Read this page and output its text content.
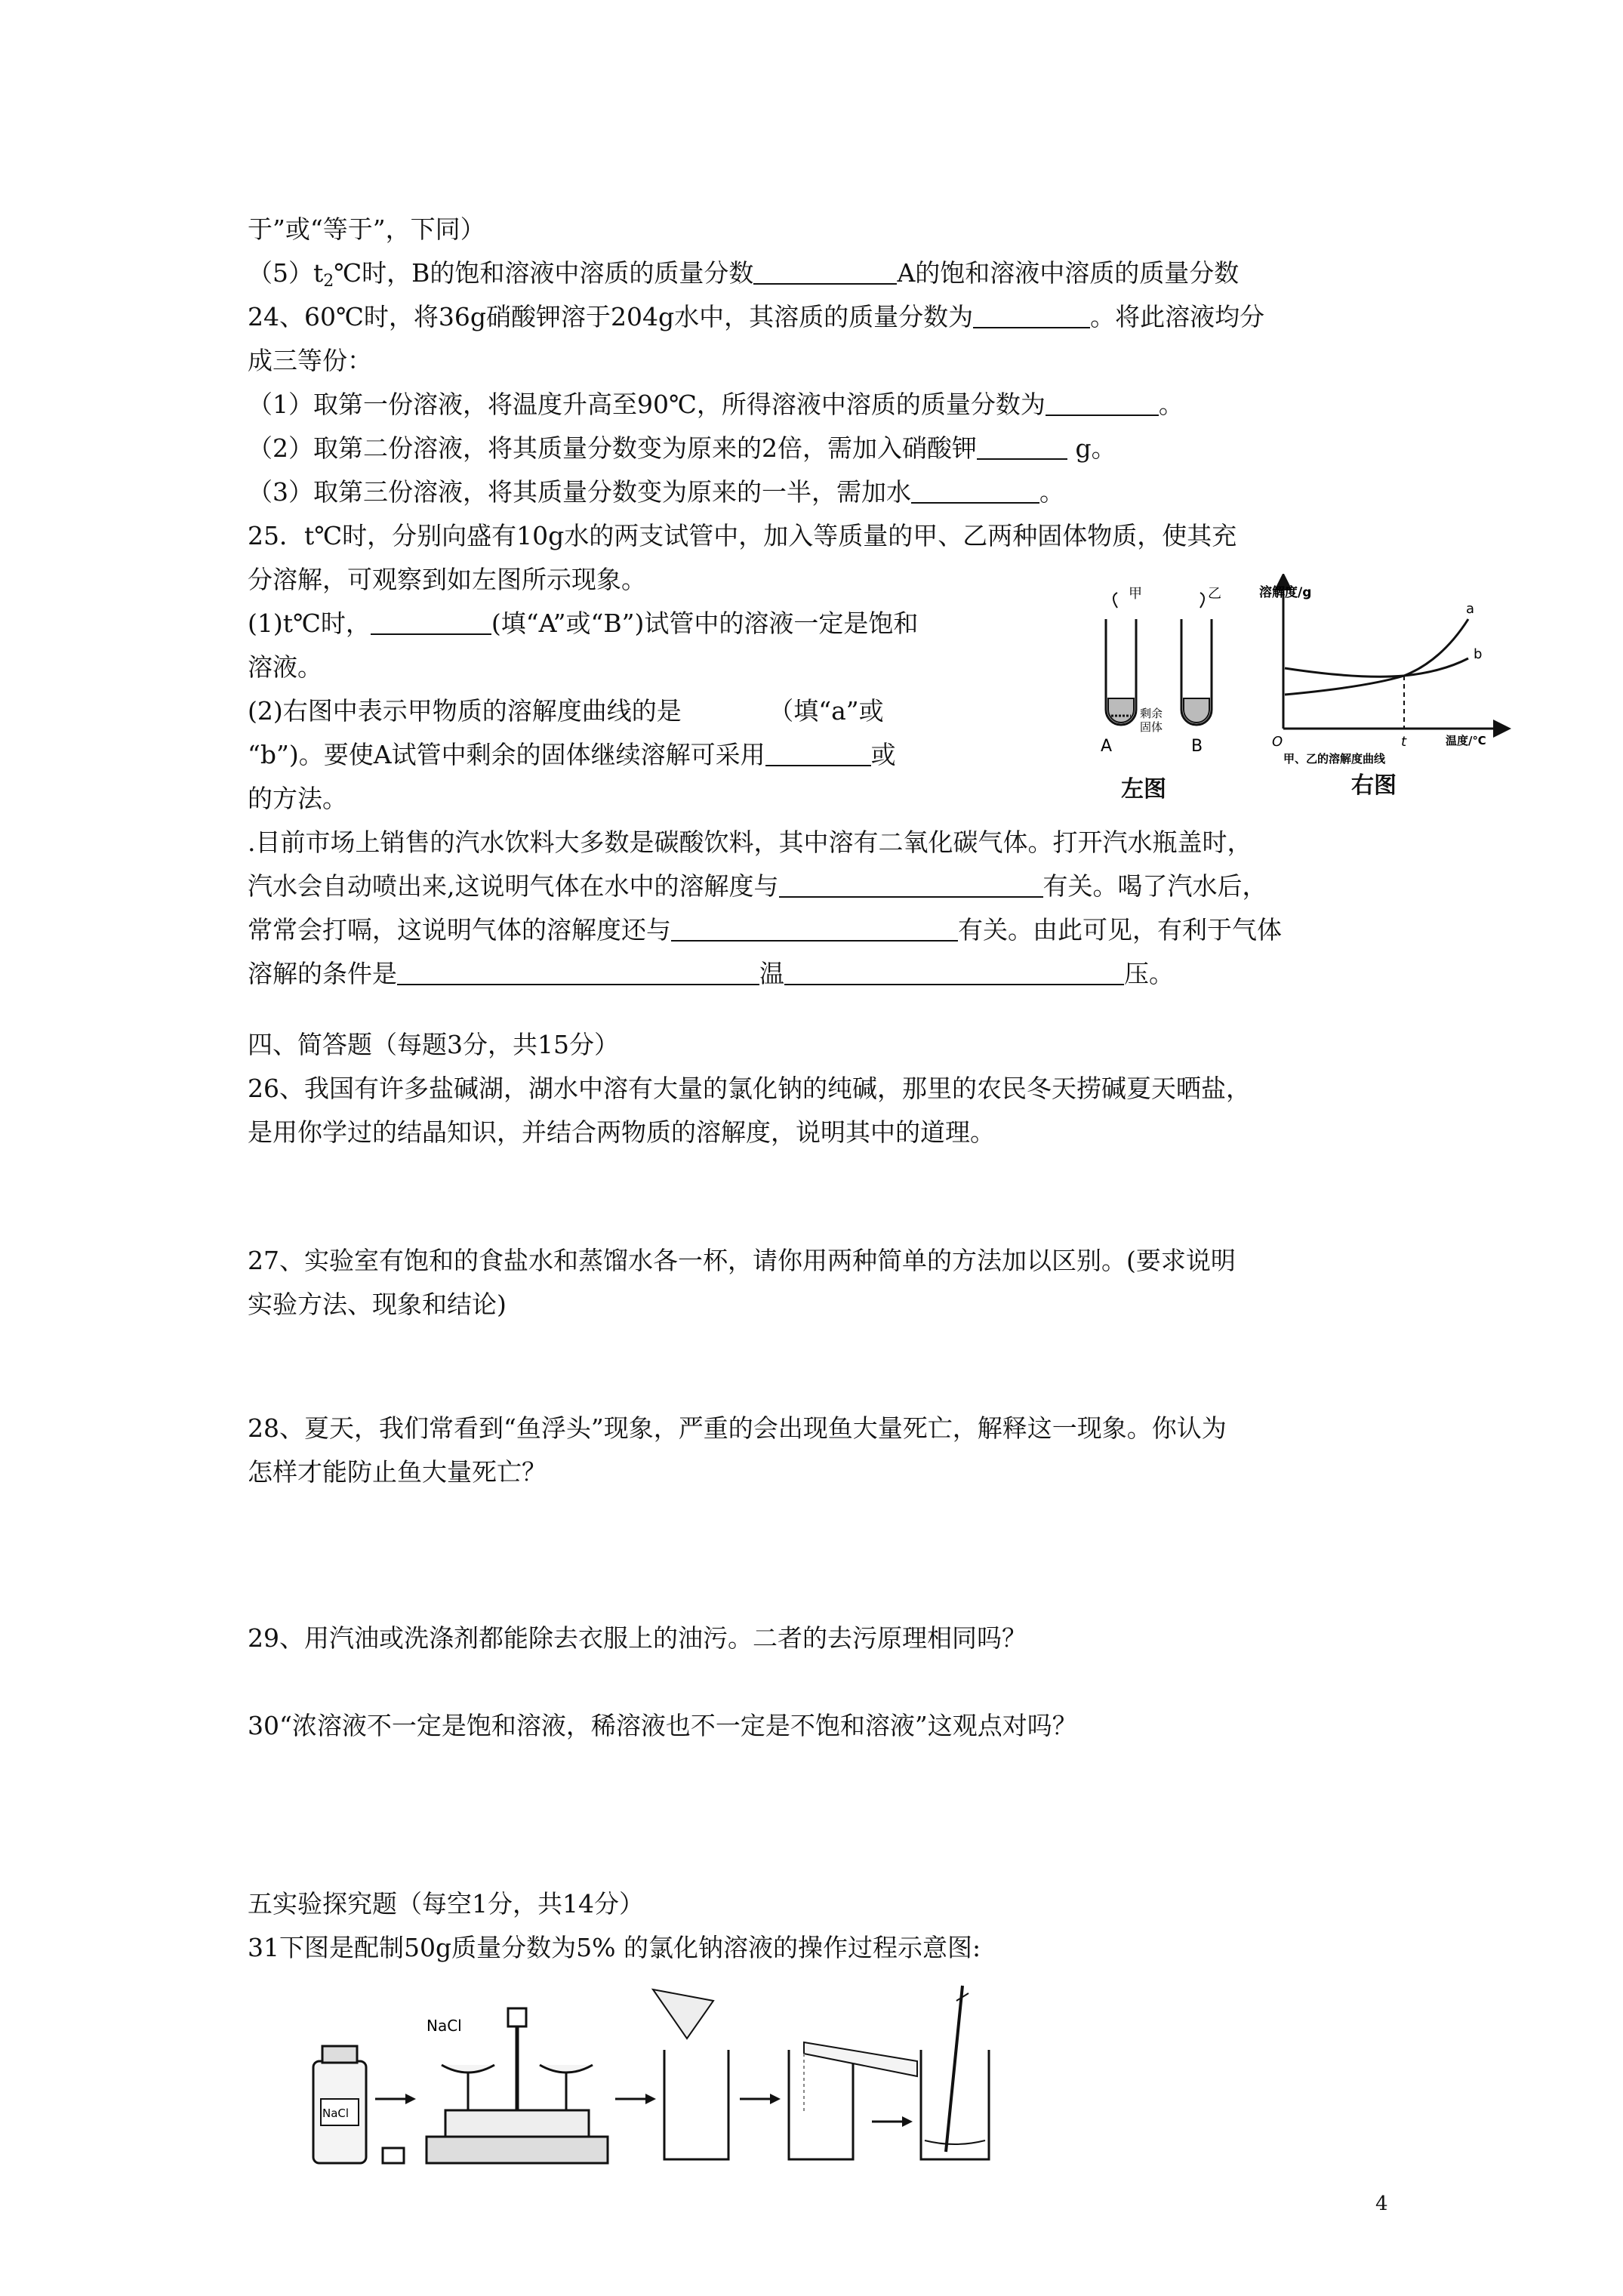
于”或“等于”，下同）
$(5)t_2℃$时，B的饱和溶液中溶质的质量分数	A的饱和溶液中溶质的质量分数
24、60℃时，将36g硝酸钾溶于204g水中，其溶质的质量分数为	。将此溶液均分
成三等份：
（1）取第一份溶液，将温度升高至90℃，所得溶液中溶质的质量分数为	。
（2）取第二份溶液，将其质量分数变为原来的2倍，需加入硝酸钾	g。
（3）取第三份溶液，将其质量分数变为原来的一半，需加水	。
25．t℃时，分别向盛有10g水的两支试管中，加入等质量的甲、乙两种固体物质，使其充
分溶解，可观察到如左图所示现象。
(1)t℃时，	(填“A”或“B”)试管中的溶液一定是饱和
溶液。
(2)右图中表示甲物质的溶解度曲线的是　　　　（填“a”或
“b”)。要使A试管中剩余的固体继续溶解可采用	或
的方法。
甲	乙
剩余
固体
A	B
左图
溶解度/g
a
b
O	t	温度/℃
甲、乙的溶解度曲线
右图
.目前市场上销售的汽水饮料大多数是碳酸饮料，其中溶有二氧化碳气体。打开汽水瓶盖时，
汽水会自动喷出来,这说明气体在水中的溶解度与	有关。喝了汽水后，
常常会打嗝，这说明气体的溶解度还与	有关。由此可见，有利于气体
溶解的条件是	温	压。
四、简答题（每题3分，共15分）
26、我国有许多盐碱湖，湖水中溶有大量的氯化钠的纯碱，那里的农民冬天捞碱夏天晒盐，
是用你学过的结晶知识，并结合两物质的溶解度，说明其中的道理。
27、实验室有饱和的食盐水和蒸馏水各一杯，请你用两种简单的方法加以区别。(要求说明
实验方法、现象和结论)
28、夏天，我们常看到“鱼浮头”现象，严重的会出现鱼大量死亡，解释这一现象。你认为
怎样才能防止鱼大量死亡？
29、用汽油或洗涤剂都能除去衣服上的油污。二者的去污原理相同吗？
30“浓溶液不一定是饱和溶液，稀溶液也不一定是不饱和溶液”这观点对吗？
五实验探究题（每空1分，共14分）
31下图是配制50g质量分数为5% 的氯化钠溶液的操作过程示意图:
NaCl
NaCl
4
